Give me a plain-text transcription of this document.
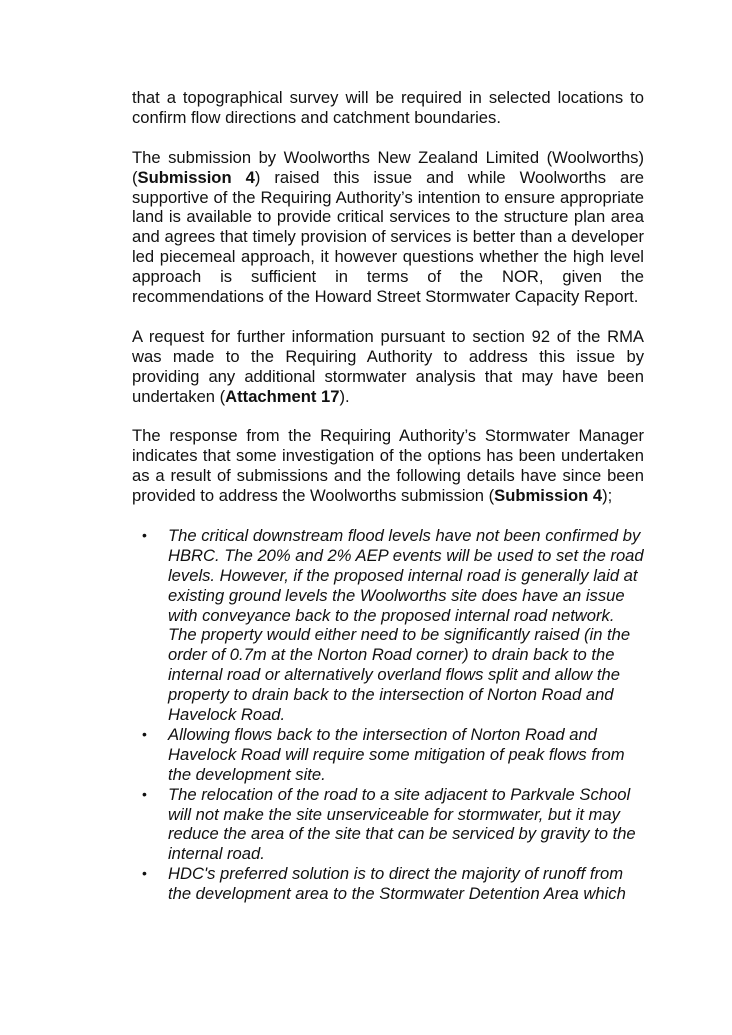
that a topographical survey will be required in selected locations to confirm flow directions and catchment boundaries.

The submission by Woolworths New Zealand Limited (Woolworths) (Submission 4) raised this issue and while Woolworths are supportive of the Requiring Authority’s intention to ensure appropriate land is available to provide critical services to the structure plan area and agrees that timely provision of services is better than a developer led piecemeal approach, it however questions whether the high level approach is sufficient in terms of the NOR, given the recommendations of the Howard Street Stormwater Capacity Report.

A request for further information pursuant to section 92 of the RMA was made to the Requiring Authority to address this issue by providing any additional stormwater analysis that may have been undertaken (Attachment 17).

The response from the Requiring Authority’s Stormwater Manager indicates that some investigation of the options has been undertaken as a result of submissions and the following details have since been provided to address the Woolworths submission (Submission 4);

• The critical downstream flood levels have not been confirmed by HBRC. The 20% and 2% AEP events will be used to set the road levels. However, if the proposed internal road is generally laid at existing ground levels the Woolworths site does have an issue with conveyance back to the proposed internal road network. The property would either need to be significantly raised (in the order of 0.7m at the Norton Road corner) to drain back to the internal road or alternatively overland flows split and allow the property to drain back to the intersection of Norton Road and Havelock Road.
• Allowing flows back to the intersection of Norton Road and Havelock Road will require some mitigation of peak flows from the development site.
• The relocation of the road to a site adjacent to Parkvale School will not make the site unserviceable for stormwater, but it may reduce the area of the site that can be serviced by gravity to the internal road.
• HDC's preferred solution is to direct the majority of runoff from the development area to the Stormwater Detention Area which
